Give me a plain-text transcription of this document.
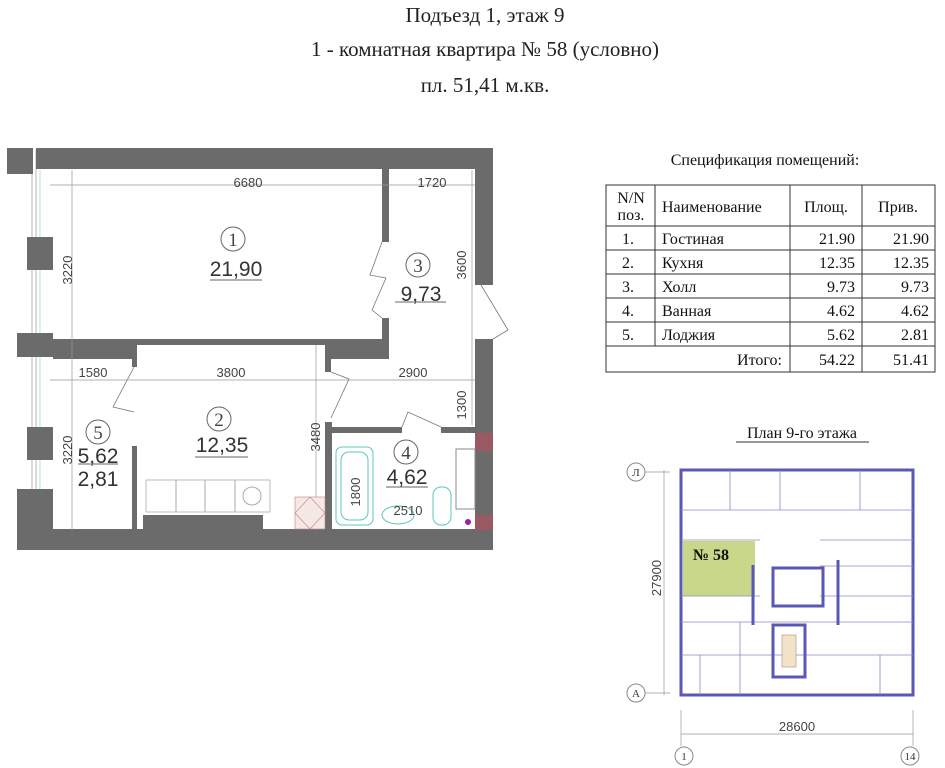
Подъезд 1, этаж 9
1 - комнатная квартира № 58 (условно)
пл. 51,41 м.кв.
6680	1720
3220	3600
1580	3800	2900
1300
3220	3480
1800
2510
1
21,90	3
9,73
2
12,35
5
5,62
2,81
4
4,62
Спецификация помещений:
N/N
поз. Наименование	Площ. Прив.
1. Гостиная	21.90 21.90
2. Кухня	12.35 12.35
3. Холл	9.73	9.73
4. Ванная	4.62	4.62
5. Лоджия	5.62	2.81
Итого: 54.22 51.41
План 9-го этажа
№ 58
Л
А
1	14
27900
28600
